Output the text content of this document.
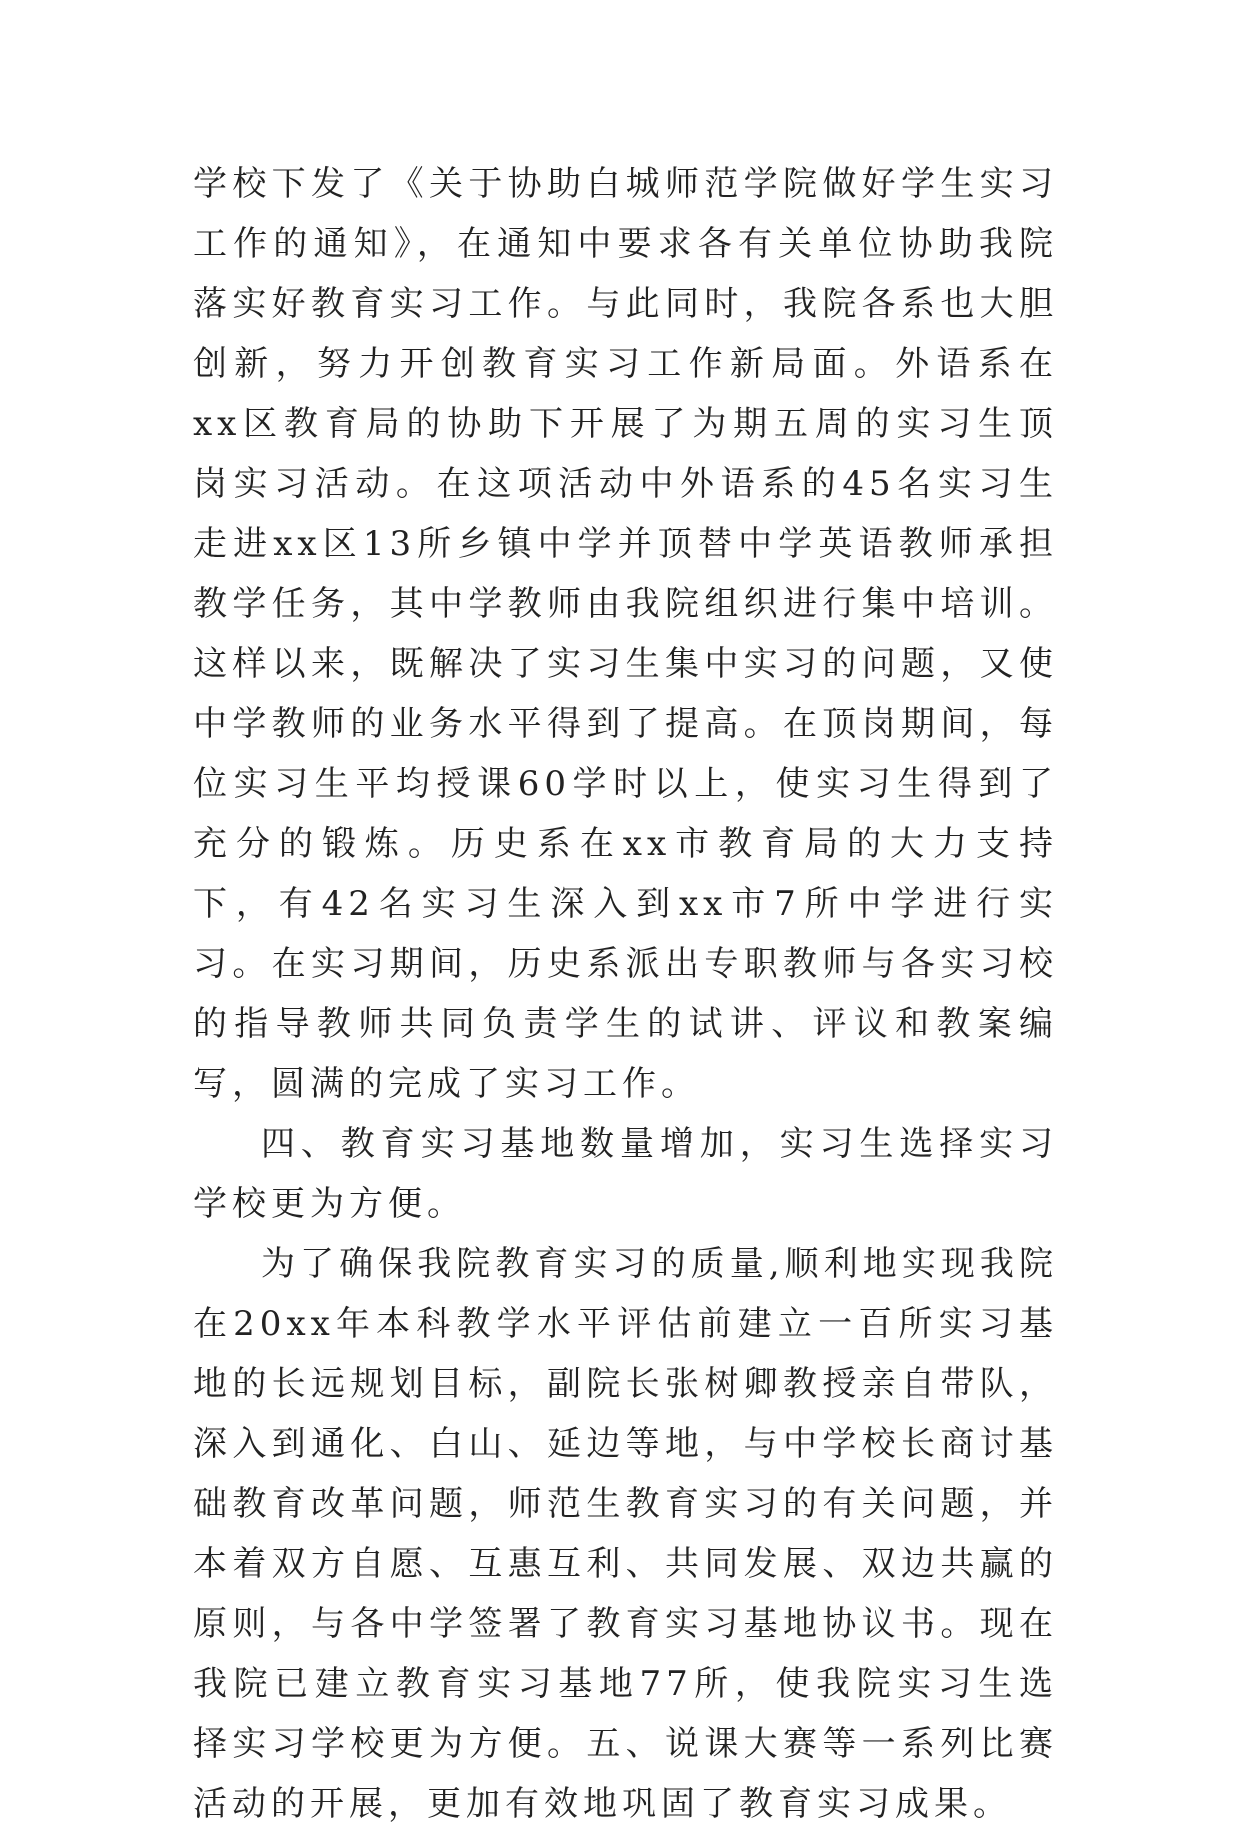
学校下发了《关于协助白城师范学院做好学生实习工作的通知》，在通知中要求各有关单位协助我院落实好教育实习工作。与此同时，我院各系也大胆创新，努力开创教育实习工作新局面。外语系在xx区教育局的协助下开展了为期五周的实习生顶岗实习活动。在这项活动中外语系的45名实习生走进xx区13所乡镇中学并顶替中学英语教师承担教学任务，其中学教师由我院组织进行集中培训。这样以来，既解决了实习生集中实习的问题，又使中学教师的业务水平得到了提高。在顶岗期间，每位实习生平均授课60学时以上，使实习生得到了充分的锻炼。历史系在xx市教育局的大力支持下，有42名实习生深入到xx市7所中学进行实习。在实习期间，历史系派出专职教师与各实习校的指导教师共同负责学生的试讲、评议和教案编写，圆满的完成了实习工作。

四、教育实习基地数量增加，实习生选择实习学校更为方便。

为了确保我院教育实习的质量,顺利地实现我院在20xx年本科教学水平评估前建立一百所实习基地的长远规划目标，副院长张树卿教授亲自带队，深入到通化、白山、延边等地，与中学校长商讨基础教育改革问题，师范生教育实习的有关问题，并本着双方自愿、互惠互利、共同发展、双边共赢的原则，与各中学签署了教育实习基地协议书。现在我院已建立教育实习基地77所，使我院实习生选择实习学校更为方便。五、说课大赛等一系列比赛活动的开展，更加有效地巩固了教育实习成果。
